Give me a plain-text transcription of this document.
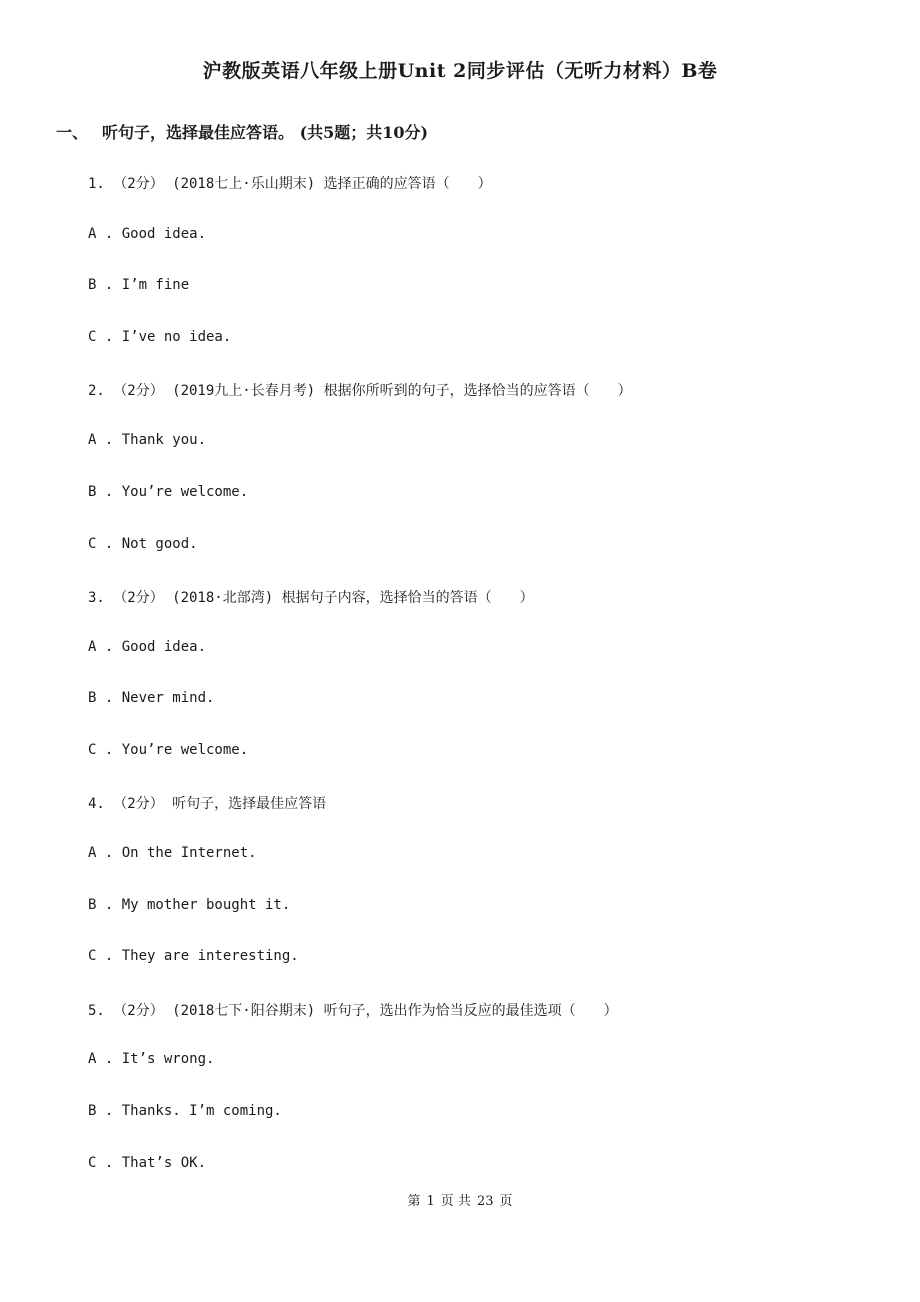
沪教版英语八年级上册Unit 2同步评估（无听力材料）B卷
一、 听句子，选择最佳应答语。 (共5题；共10分)
1. （2分） (2018七上·乐山期末) 选择正确的应答语（　　）
A . Good idea.
B . I’m fine
C . I’ve no idea.
2. （2分） (2019九上·长春月考) 根据你所听到的句子，选择恰当的应答语（　　）
A . Thank you.
B . You’re welcome.
C . Not good.
3. （2分） (2018·北部湾) 根据句子内容，选择恰当的答语（　　）
A . Good idea.
B . Never mind.
C . You’re welcome.
4. （2分） 听句子，选择最佳应答语
A . On the Internet.
B . My mother bought it.
C . They are interesting.
5. （2分） (2018七下·阳谷期末) 听句子，选出作为恰当反应的最佳选项（　　）
A . It’s wrong.
B . Thanks. I’m coming.
C . That’s OK.
第 1 页 共 23 页
